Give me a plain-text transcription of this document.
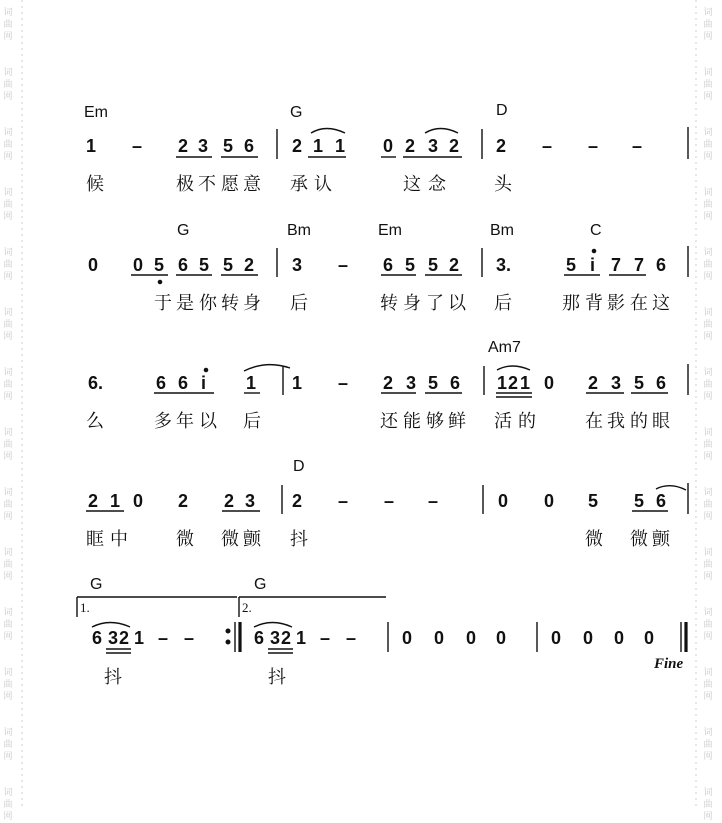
词
曲
网
词
曲
网
词
曲
网
词
曲
网
词
曲
网
词
曲
网
词
曲
网
词
曲
网
词
曲
网
词
曲
网
词
曲
网
词
曲
网
词
曲
网
词
曲
网
词
曲
网
词
曲
网
词
曲
网
词
曲
网
词
曲
网
词
曲
网
词
曲
网
词
曲
网
词
曲
网
词
曲
网
词
曲
网
词
曲
网
词
曲
网
词
曲
网
Em	G	D
1 – 2 3 5 6 2 1 1 0 2 3 2 2 – – –
候	极 不 愿 意 承 认	这 念	头
G	Bm	Em	Bm	C
0 0 5 6 5 5 2 3 – 6 5 5 2 3.	5 i 7 7 6
于 是 你 转 身 后	转 身 了 以 后	那 背 影 在 这
Am7
6.	6 6 i 1 1 – 2 3 5 6 1 2 1 0 2 3 5 6
么	多 年 以 后	还 能 够 鲜 活 的	在 我 的 眼
D
2 1 0 2 2 3 2 – – –	0 0 5 5 6
眶 中	微 微 颤 抖	微 微 颤
G	G
1.	2.
6 3 2 1 – –	6 3 2 1 – –	0 0 0 0 0 0 0 0
抖	抖
Fine
